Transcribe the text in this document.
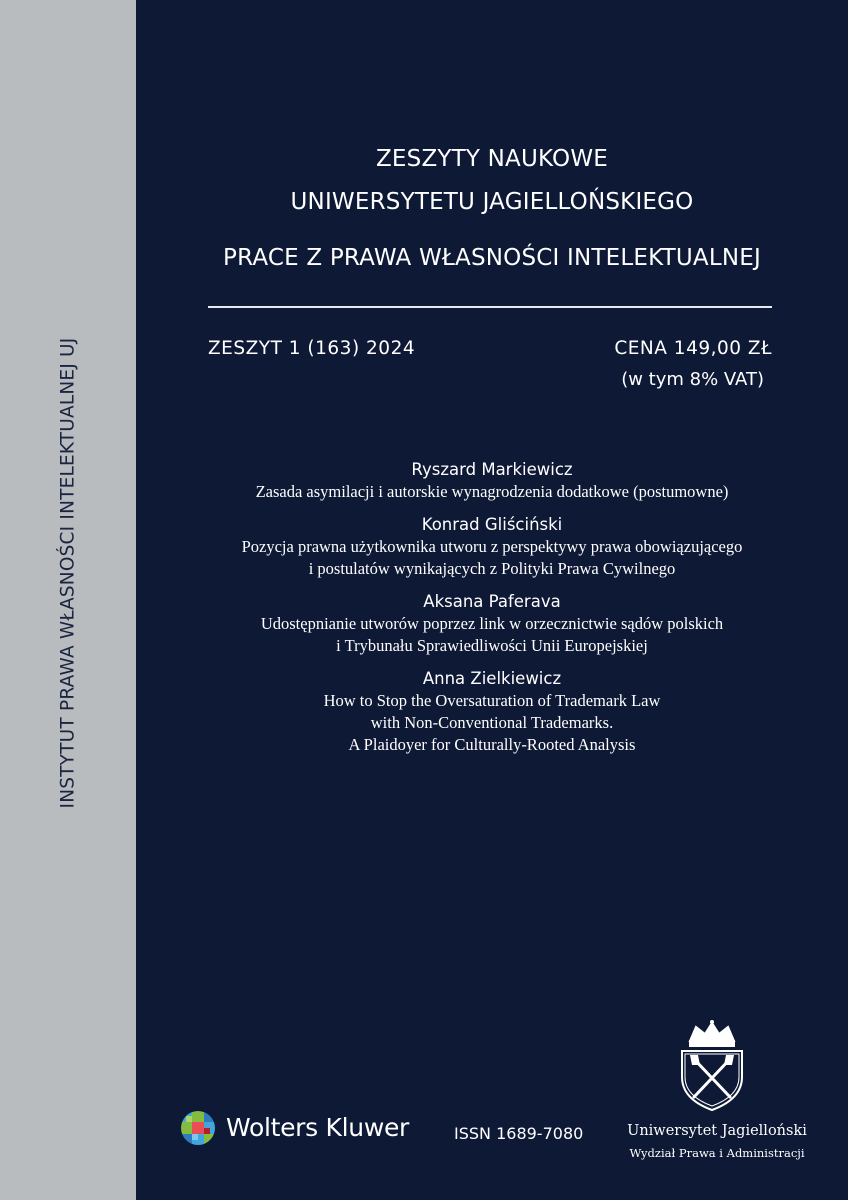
INSTYTUT PRAWA WŁASNOŚCI INTELEKTUALNEJ UJ
ZESZYTY NAUKOWE
UNIWERSYTETU JAGIELLOŃSKIEGO
PRACE Z PRAWA WŁASNOŚCI INTELEKTUALNEJ
ZESZYT 1 (163) 2024	CENA 149,00 ZŁ
(w tym 8% VAT)
Ryszard Markiewicz
Zasada asymilacji i autorskie wynagrodzenia dodatkowe (postumowne)
Konrad Gliściński
Pozycja prawna użytkownika utworu z perspektywy prawa obowiązującego
i postulatów wynikających z Polityki Prawa Cywilnego
Aksana Paferava
Udostępnianie utworów poprzez link w orzecznictwie sądów polskich
i Trybunału Sprawiedliwości Unii Europejskiej
Anna Zielkiewicz
How to Stop the Oversaturation of Trademark Law
with Non-Conventional Trademarks.
A Plaidoyer for Culturally-Rooted Analysis
Wolters Kluwer	ISSN 1689-7080	Uniwersytet Jagielloński
Wydział Prawa i Administracji
